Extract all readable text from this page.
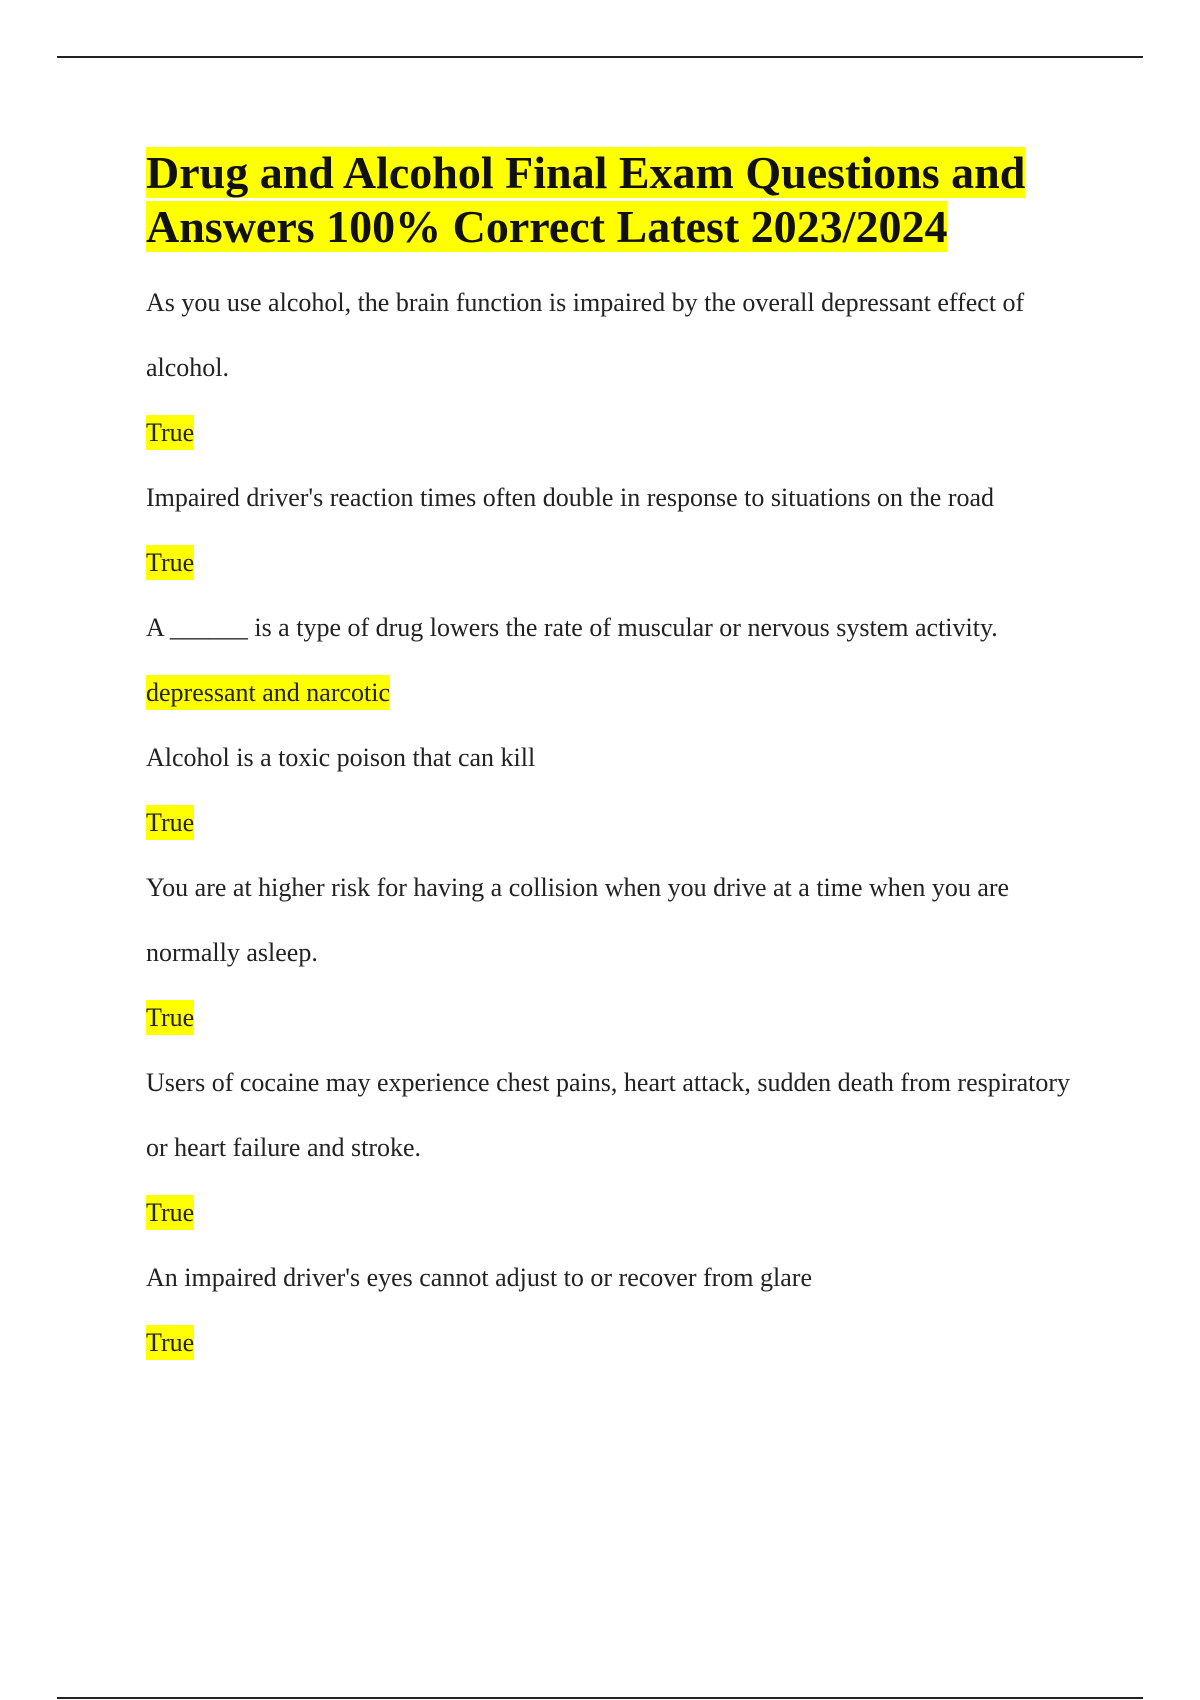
Drug and Alcohol Final Exam Questions and Answers 100% Correct Latest 2023/2024

As you use alcohol, the brain function is impaired by the overall depressant effect of alcohol.

True

Impaired driver's reaction times often double in response to situations on the road

True

A ______ is a type of drug lowers the rate of muscular or nervous system activity.

depressant and narcotic

Alcohol is a toxic poison that can kill

True

You are at higher risk for having a collision when you drive at a time when you are normally asleep.

True

Users of cocaine may experience chest pains, heart attack, sudden death from respiratory or heart failure and stroke.

True

An impaired driver's eyes cannot adjust to or recover from glare

True
